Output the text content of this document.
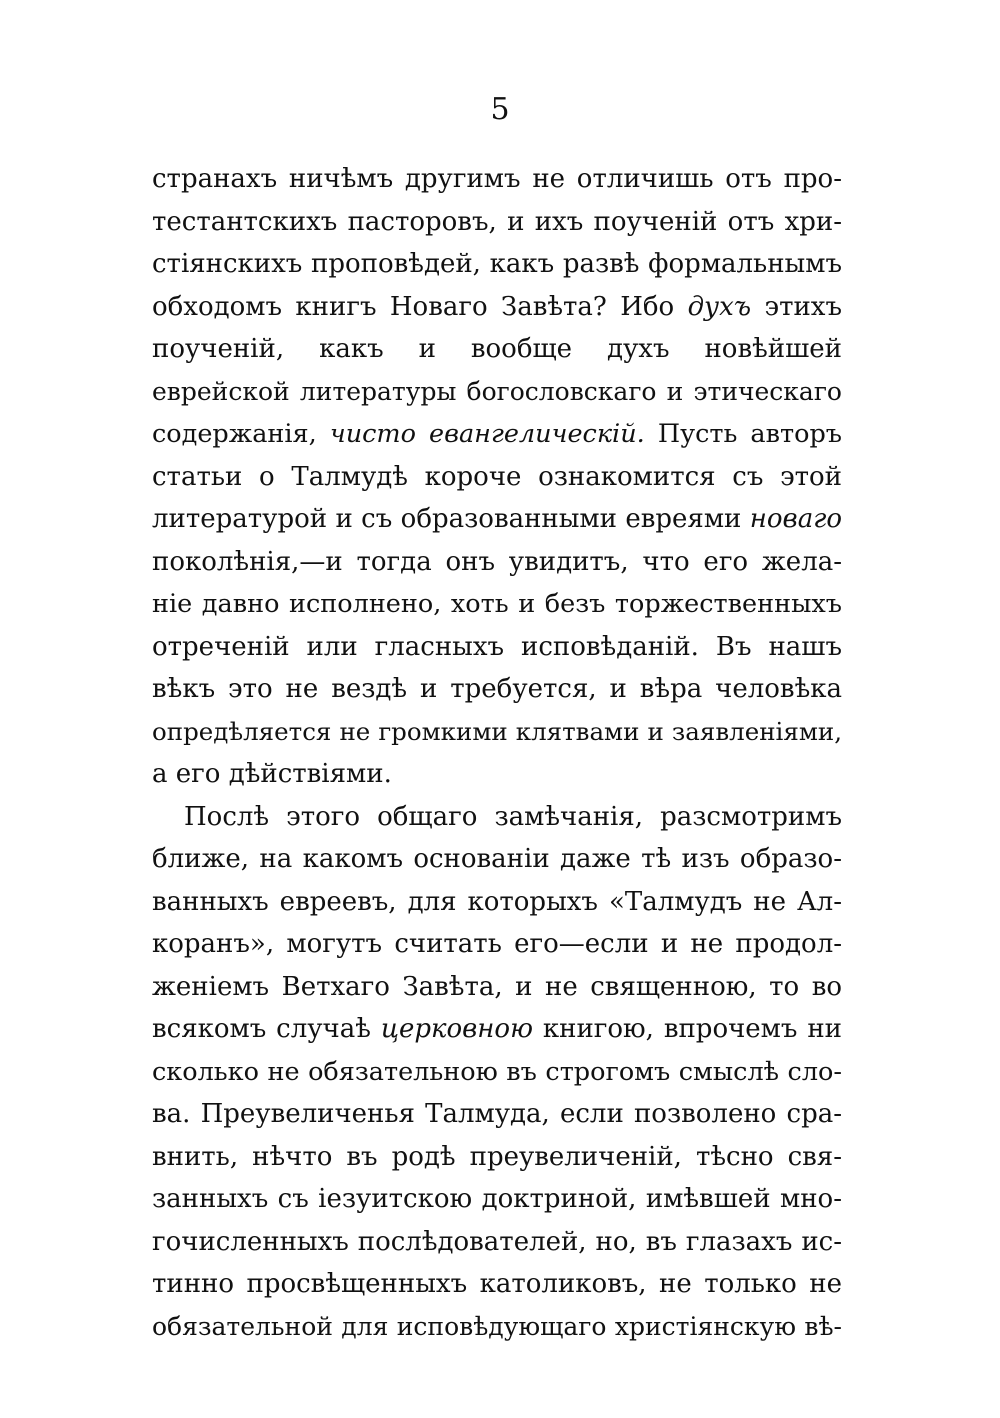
5
странахъ ничѣмъ другимъ не отличишь отъ про-
тестантскихъ пасторовъ, и ихъ поученій отъ хри-
стіянскихъ проповѣдей, какъ развѣ формальнымъ
обходомъ книгъ Новаго Завѣта? Ибо духъ этихъ
поученій, какъ и вообще духъ новѣйшей
еврейской литературы богословскаго и этическаго
содержанія, чисто евангелическій. Пусть авторъ
статьи о Талмудѣ короче ознакомится съ этой
литературой и съ образованными евреями новаго
поколѣнія,—и тогда онъ увидитъ, что его жела-
ніе давно исполнено, хоть и безъ торжественныхъ
отреченій или гласныхъ исповѣданій. Въ нашъ
вѣкъ это не вездѣ и требуется, и вѣра человѣка
опредѣляется не громкими клятвами и заявленіями,
а его дѣйствіями.
Послѣ этого общаго замѣчанія, разсмотримъ
ближе, на какомъ основаніи даже тѣ изъ образо-
ванныхъ евреевъ, для которыхъ «Талмудъ не Ал-
коранъ», могутъ считать его—если и не продол-
женіемъ Ветхаго Завѣта, и не священною, то во
всякомъ случаѣ церковною книгою, впрочемъ ни
сколько не обязательною въ строгомъ смыслѣ сло-
ва. Преувеличенья Талмуда, если позволено сра-
внить, нѣчто въ родѣ преувеличеній, тѣсно свя-
занныхъ съ іезуитскою доктриной, имѣвшей мно-
гочисленныхъ послѣдователей, но, въ глазахъ ис-
тинно просвѣщенныхъ католиковъ, не только не
обязательной для исповѣдующаго христіянскую вѣ-
